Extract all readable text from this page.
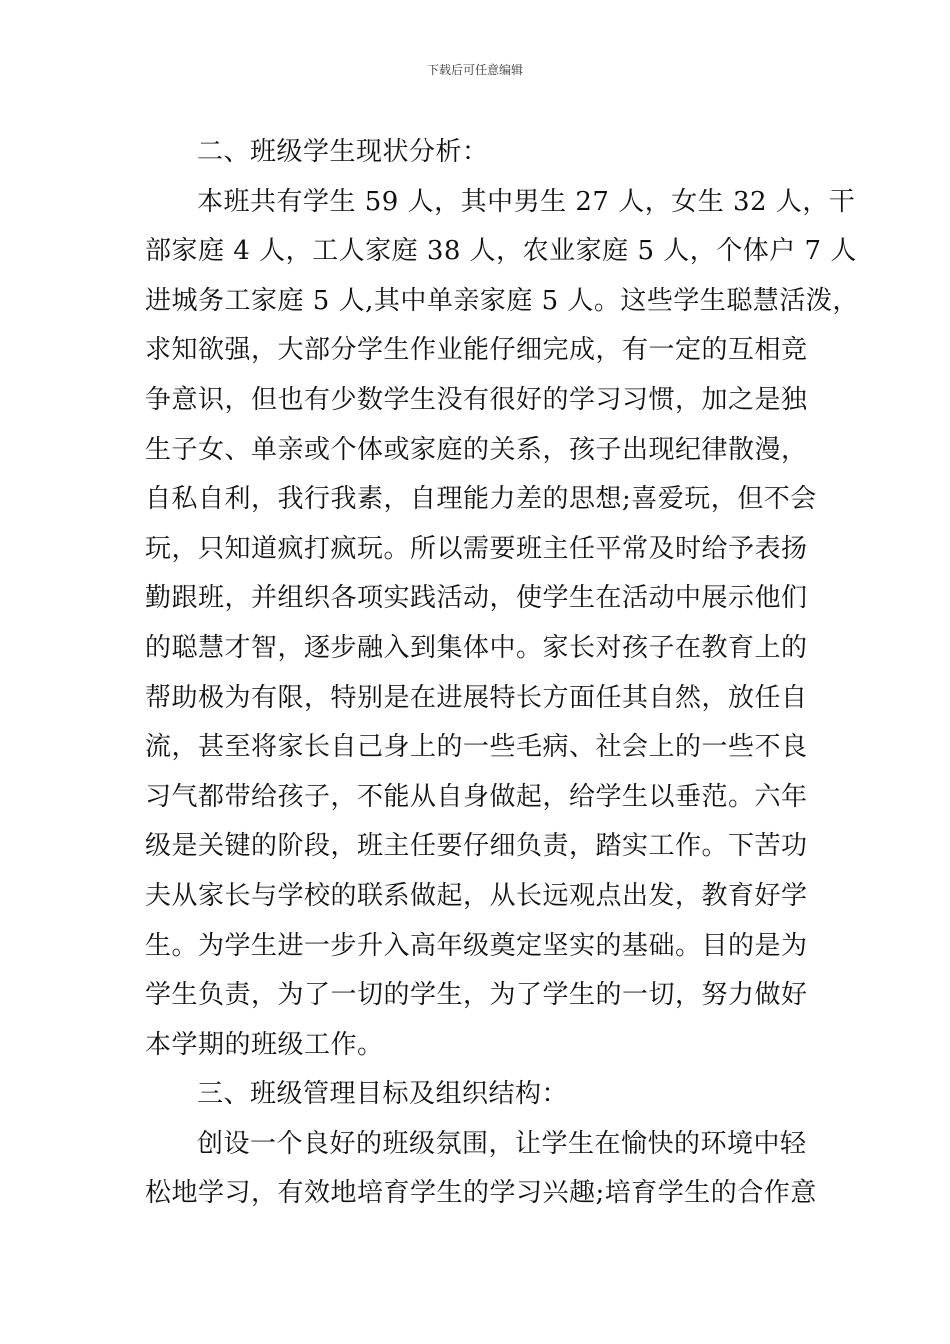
下载后可任意编辑
二、班级学生现状分析：
本班共有学生 59 人，其中男生 27 人，女生 32 人，干
部家庭 4 人，工人家庭 38 人，农业家庭 5 人，个体户 7 人
进城务工家庭 5 人,其中单亲家庭 5 人。这些学生聪慧活泼，
求知欲强，大部分学生作业能仔细完成，有一定的互相竞
争意识，但也有少数学生没有很好的学习习惯，加之是独
生子女、单亲或个体或家庭的关系，孩子出现纪律散漫，
自私自利，我行我素，自理能力差的思想;喜爱玩，但不会
玩，只知道疯打疯玩。所以需要班主任平常及时给予表扬
勤跟班，并组织各项实践活动，使学生在活动中展示他们
的聪慧才智，逐步融入到集体中。家长对孩子在教育上的
帮助极为有限，特别是在进展特长方面任其自然，放任自
流，甚至将家长自己身上的一些毛病、社会上的一些不良
习气都带给孩子，不能从自身做起，给学生以垂范。六年
级是关键的阶段，班主任要仔细负责，踏实工作。下苦功
夫从家长与学校的联系做起，从长远观点出发，教育好学
生。为学生进一步升入高年级奠定坚实的基础。目的是为
学生负责，为了一切的学生，为了学生的一切，努力做好
本学期的班级工作。
三、班级管理目标及组织结构：
创设一个良好的班级氛围，让学生在愉快的环境中轻
松地学习，有效地培育学生的学习兴趣;培育学生的合作意
